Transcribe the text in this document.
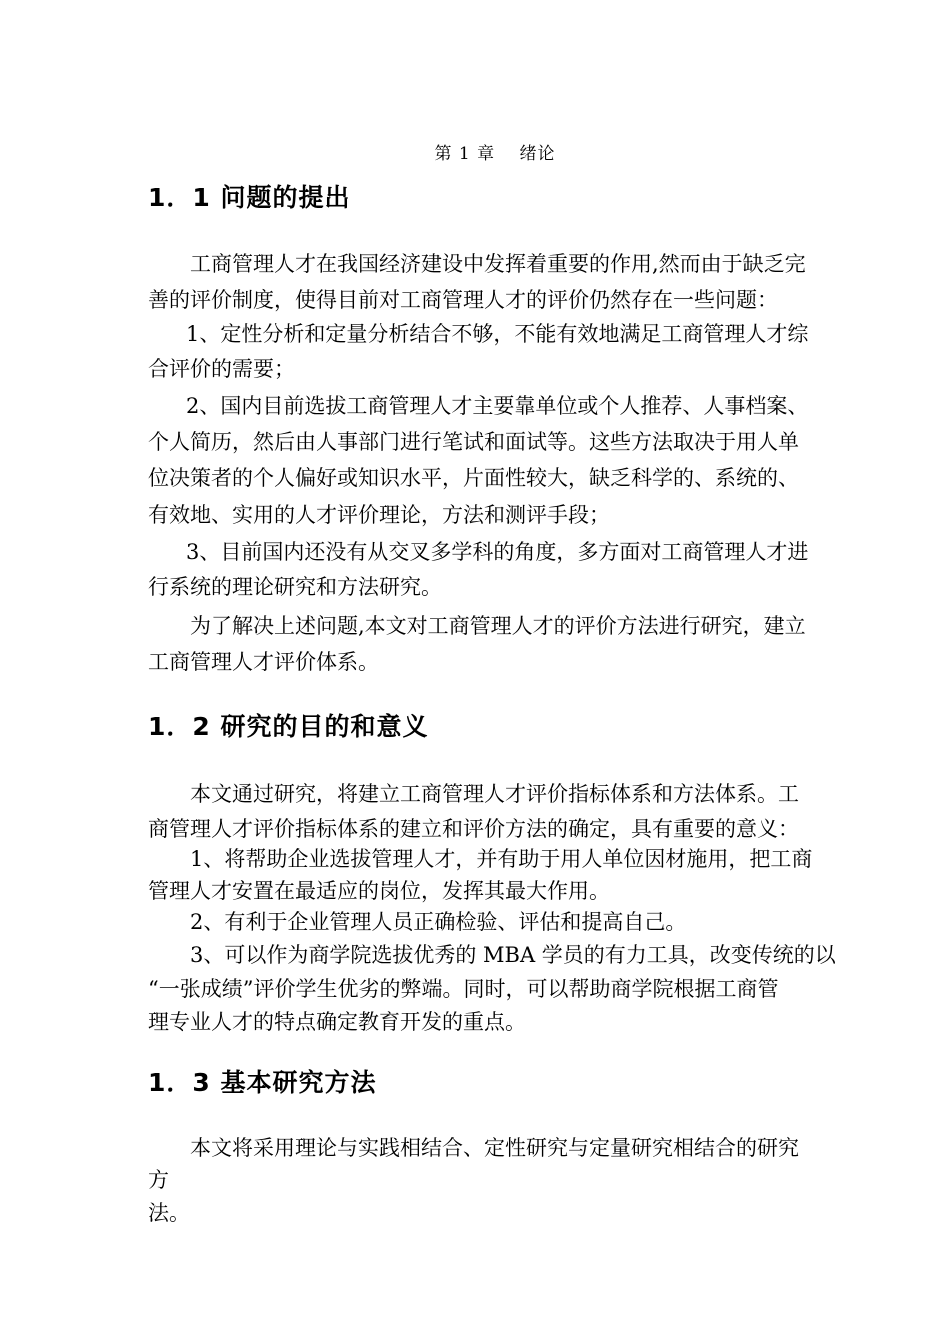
第 1 章　 绪论
1．1 问题的提出
工商管理人才在我国经济建设中发挥着重要的作用,然而由于缺乏完
善的评价制度，使得目前对工商管理人才的评价仍然存在一些问题：
1、定性分析和定量分析结合不够，不能有效地满足工商管理人才综
合评价的需要；
2、国内目前选拔工商管理人才主要靠单位或个人推荐、人事档案、
个人简历，然后由人事部门进行笔试和面试等。这些方法取决于用人单
位决策者的个人偏好或知识水平，片面性较大，缺乏科学的、系统的、
有效地、实用的人才评价理论，方法和测评手段；
3、目前国内还没有从交叉多学科的角度，多方面对工商管理人才进
行系统的理论研究和方法研究。
为了解决上述问题,本文对工商管理人才的评价方法进行研究，建立
工商管理人才评价体系。
1．2 研究的目的和意义
本文通过研究，将建立工商管理人才评价指标体系和方法体系。工
商管理人才评价指标体系的建立和评价方法的确定，具有重要的意义：
1、将帮助企业选拔管理人才，并有助于用人单位因材施用，把工商
管理人才安置在最适应的岗位，发挥其最大作用。
2、有利于企业管理人员正确检验、评估和提高自己。
3、可以作为商学院选拔优秀的 MBA 学员的有力工具，改变传统的以
“一张成绩”评价学生优劣的弊端。同时，可以帮助商学院根据工商管
理专业人才的特点确定教育开发的重点。
1．3 基本研究方法
本文将采用理论与实践相结合、定性研究与定量研究相结合的研究
方
法。
